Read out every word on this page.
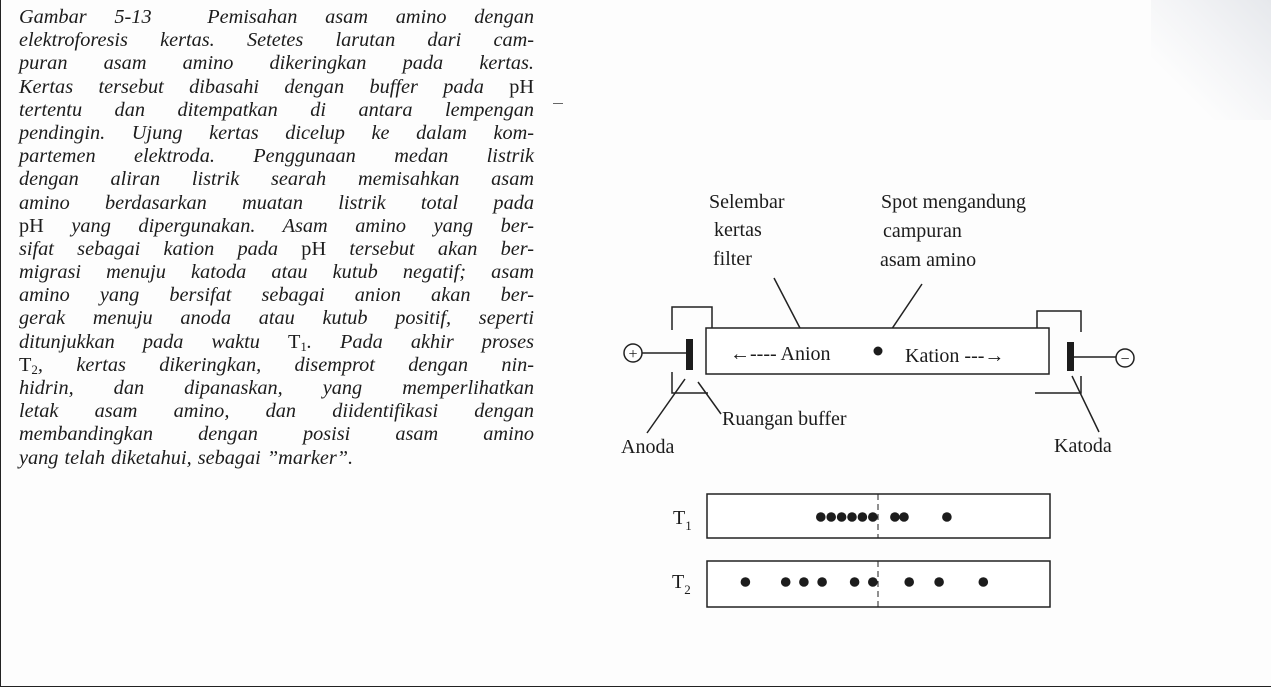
Gambar 5-13	Pemisahan asam amino dengan
elektroforesis kertas. Setetes larutan dari cam-
puran asam amino dikeringkan pada kertas.
Kertas tersebut dibasahi dengan buffer pada pH
tertentu dan ditempatkan di antara lempengan
pendingin. Ujung kertas dicelup ke dalam kom-
partemen elektroda. Penggunaan medan listrik
dengan aliran listrik searah memisahkan asam
amino berdasarkan muatan listrik total pada
pH yang dipergunakan. Asam amino yang ber-
sifat sebagai kation pada pH tersebut akan ber-
migrasi menuju katoda atau kutub negatif; asam
amino yang bersifat sebagai anion akan ber-
gerak menuju anoda atau kutub positif, seperti
ditunjukkan pada waktu $T_1$. Pada akhir proses
$T_2$, kertas dikeringkan, disemprot dengan nin-
hidrin, dan dipanaskan, yang memperlihatkan
letak asam amino, dan diidentifikasi dengan
membandingkan dengan posisi asam amino
yang telah diketahui, sebagai ”marker”.

Selembar
kertas
filter
Spot mengandung
campuran
asam amino
←---- Anion	Kation ---→
+	−
Anoda
Ruangan buffer
Katoda
$T_1$
$T_2$
